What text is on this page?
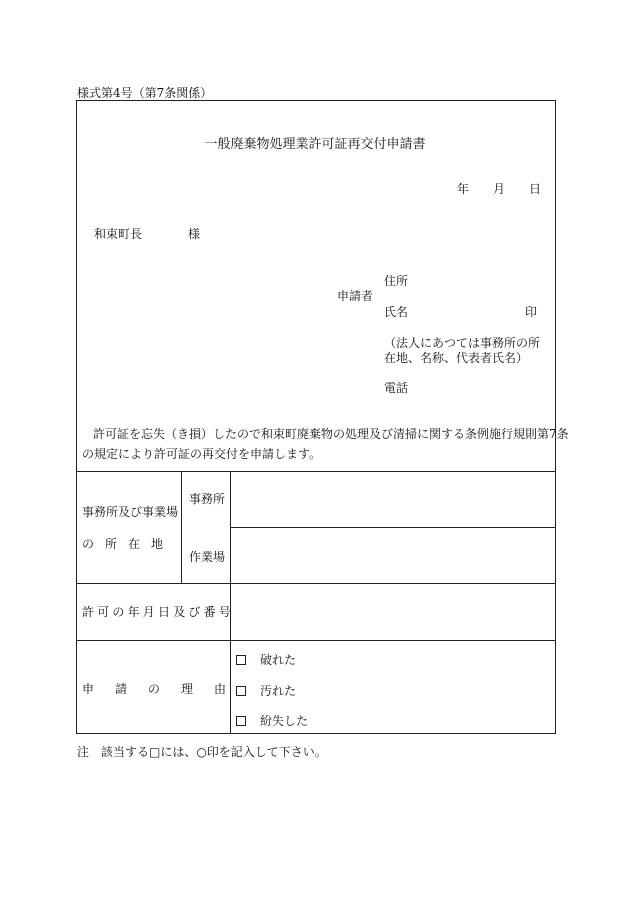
様式第4号（第7条関係）
一般廃棄物処理業許可証再交付申請書
年 月 日
和束町長	様
申請者
住所
氏名	印
（法人にあつては事務所の所
在地、名称、代表者氏名）
電話
許可証を忘失（き損）したので和束町廃棄物の処理及び清掃に関する条例施行規則第7条
の規定により許可証の再交付を申請します。
事務所及び事業場
の所在地
事務所
作業場
許可の年月日及び番号
申請の理由
破れた
汚れた
紛失した
注　該当する□には、○印を記入して下さい。
